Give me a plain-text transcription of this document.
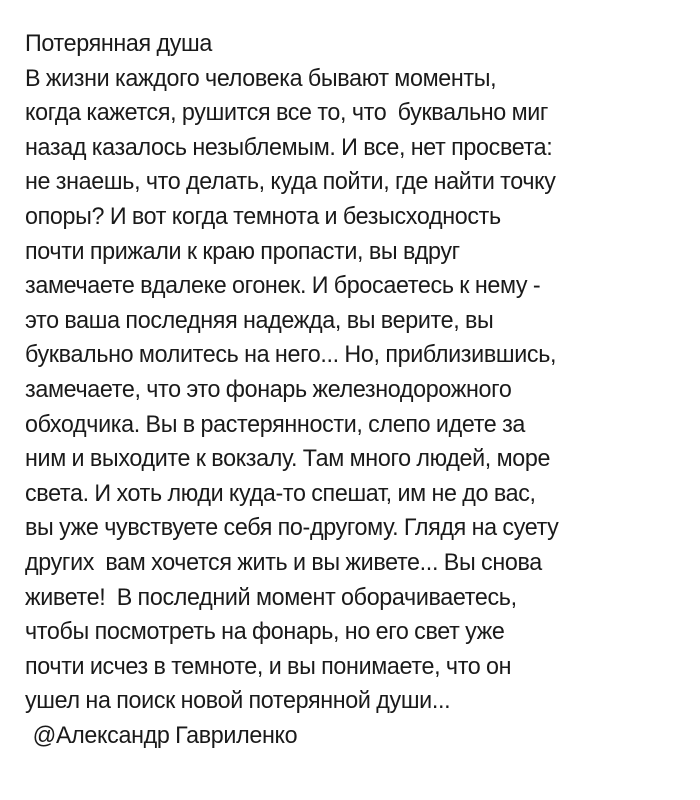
Потерянная душа
В жизни каждого человека бывают моменты,
когда кажется, рушится все то, что  буквально миг
назад казалось незыблемым. И все, нет просвета:
не знаешь, что делать, куда пойти, где найти точку
опоры? И вот когда темнота и безысходность
почти прижали к краю пропасти, вы вдруг
замечаете вдалеке огонек. И бросаетесь к нему -
это ваша последняя надежда, вы верите, вы
буквально молитесь на него... Но, приблизившись,
замечаете, что это фонарь железнодорожного
обходчика. Вы в растерянности, слепо идете за
ним и выходите к вокзалу. Там много людей, море
света. И хоть люди куда-то спешат, им не до вас,
вы уже чувствуете себя по-другому. Глядя на суету
других  вам хочется жить и вы живете... Вы снова
живете!  В последний момент оборачиваетесь,
чтобы посмотреть на фонарь, но его свет уже
почти исчез в темноте, и вы понимаете, что он
ушел на поиск новой потерянной души...
@Александр Гавриленко
